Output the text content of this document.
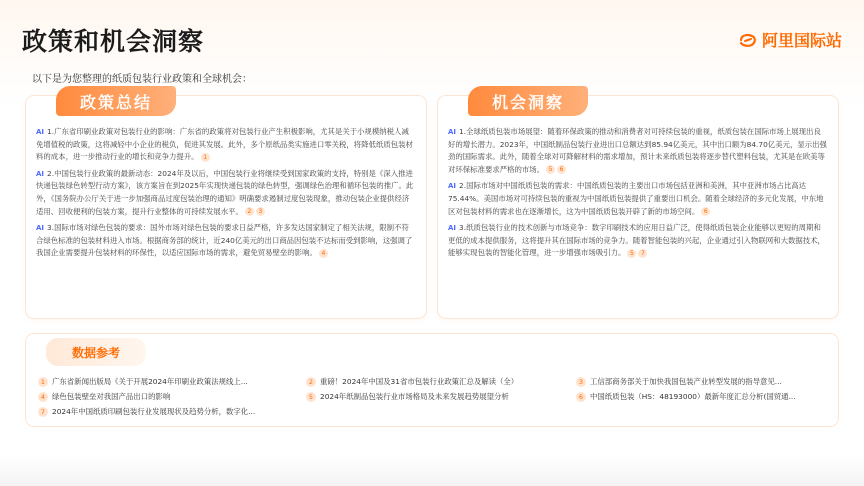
政策和机会洞察	阿里国际站
以下是为您整理的纸质包装行业政策和全球机会：
政策总结
AI 1.广东省印刷业政策对包装行业的影响：广东省的政策将对包装行业产生积极影响，尤其是关于小规模纳税人减免增值税的政策，这将减轻中小企业的税负，促进其发展。此外，多个原纸品类实施进口零关税，将降低纸质包装材料的成本，进一步推动行业的增长和竞争力提升。 1
AI 2.中国包装行业政策的最新动态：2024年及以后，中国包装行业将继续受到国家政策的支持，特别是《深入推进快递包装绿色转型行动方案》，该方案旨在到2025年实现快递包装的绿色转型，强调绿色治理和循环包装的推广。此外，《国务院办公厅关于进一步加强商品过度包装治理的通知》明确要求遏制过度包装现象，推动包装企业提供经济适用、回收便利的包装方案，提升行业整体的可持续发展水平。 2 3
AI 3.国际市场对绿色包装的要求：国外市场对绿色包装的要求日益严格，许多发达国家制定了相关法规，限制不符合绿色标准的包装材料进入市场。根据商务部的统计，近240亿美元的出口商品因包装不达标而受到影响，这强调了我国企业需要提升包装材料的环保性，以适应国际市场的需求，避免贸易壁垒的影响。 4
机会洞察
AI 1.全球纸质包装市场展望：随着环保政策的推动和消费者对可持续包装的重视，纸质包装在国际市场上展现出良好的增长潜力。2023年，中国纸制品包装行业进出口总额达到85.94亿美元，其中出口额为84.70亿美元，显示出强劲的国际需求。此外，随着全球对可降解材料的需求增加，预计未来纸质包装将逐步替代塑料包装，尤其是在欧美等对环保标准要求严格的市场。 5 6
AI 2.国际市场对中国纸质包装的需求：中国纸质包装的主要出口市场包括亚洲和美洲，其中亚洲市场占比高达75.44%。美国市场对可持续包装的重视为中国纸质包装提供了重要出口机会。随着全球经济的多元化发展，中东地区对包装材料的需求也在逐渐增长，这为中国纸质包装开辟了新的市场空间。 6
AI 3.纸质包装行业的技术创新与市场竞争：数字印刷技术的应用日益广泛，使得纸质包装企业能够以更短的周期和更低的成本提供服务，这将提升其在国际市场的竞争力。随着智能包装的兴起，企业通过引入物联网和大数据技术，能够实现包装的智能化管理，进一步增强市场吸引力。 5 7
数据参考
1 广东省新闻出版局《关于开展2024年印刷业政策法规线上...	2 重磅！2024年中国及31省市包装行业政策汇总及解读（全）	3 工信部商务部关于加快我国包装产业转型发展的指导意见...
4 绿色包装壁垒对我国产品出口的影响	5 2024年纸制品包装行业市场格局及未来发展趋势展望分析	6 中国纸质包装（HS：48193000）最新年度汇总分析(国贸通...
7 2024年中国纸质印刷包装行业发展现状及趋势分析，数字化...
